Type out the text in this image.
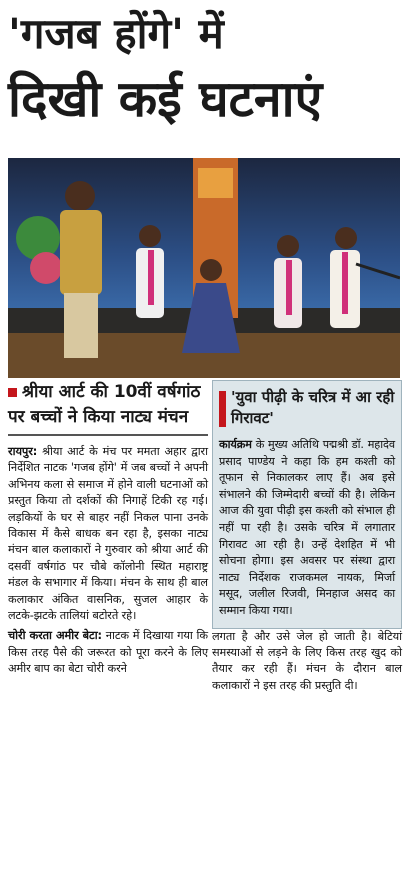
'गजब होंगे' में
दिखी कई घटनाएं
श्रीया आर्ट की 10वीं वर्षगांठ पर बच्चों ने किया नाट्य मंचन

रायपुर: श्रीया आर्ट के मंच पर ममता अहार द्वारा निर्देशित नाटक 'गजब होंगे' में जब बच्चों ने अपनी अभिनय कला से समाज में होने वाली घटनाओं को प्रस्तुत किया तो दर्शकों की निगाहें टिकी रह गई। लड़कियों के घर से बाहर नहीं निकल पाना उनके विकास में कैसे बाधक बन रहा है, इसका नाट्य मंचन बाल कलाकारों ने गुरुवार को श्रीया आर्ट की दसवीं वर्षगांठ पर चौबे कॉलोनी स्थित महाराष्ट्र मंडल के सभागार में किया। मंचन के साथ ही बाल कलाकार अंकित वासनिक, सुजल आहार के लटके-झटके तालियां बटोरते रहे।

चोरी करता अमीर बेटा: नाटक में दिखाया गया कि किस तरह पैसे की जरूरत को पूरा करने के लिए अमीर बाप का बेटा चोरी करने

'युवा पीढ़ी के चरित्र में आ रही गिरावट'

कार्यक्रम के मुख्य अतिथि पद्मश्री डॉ. महादेव प्रसाद पाण्डेय ने कहा कि हम कश्ती को तूफान से निकालकर लाए हैं। अब इसे संभालने की जिम्मेदारी बच्चों की है। लेकिन आज की युवा पीढ़ी इस कश्ती को संभाल ही नहीं पा रही है। उसके चरित्र में लगातार गिरावट आ रही है। उन्हें देशहित में भी सोचना होगा। इस अवसर पर संस्था द्वारा नाट्य निर्देशक राजकमल नायक, मिर्जा मसूद, जलील रिजवी, मिनहाज असद का सम्मान किया गया।

लगता है और उसे जेल हो जाती है। बेटियां समस्याओं से लड़ने के लिए किस तरह खुद को तैयार कर रही हैं। मंचन के दौरान बाल कलाकारों ने इस तरह की प्रस्तुति दी।
